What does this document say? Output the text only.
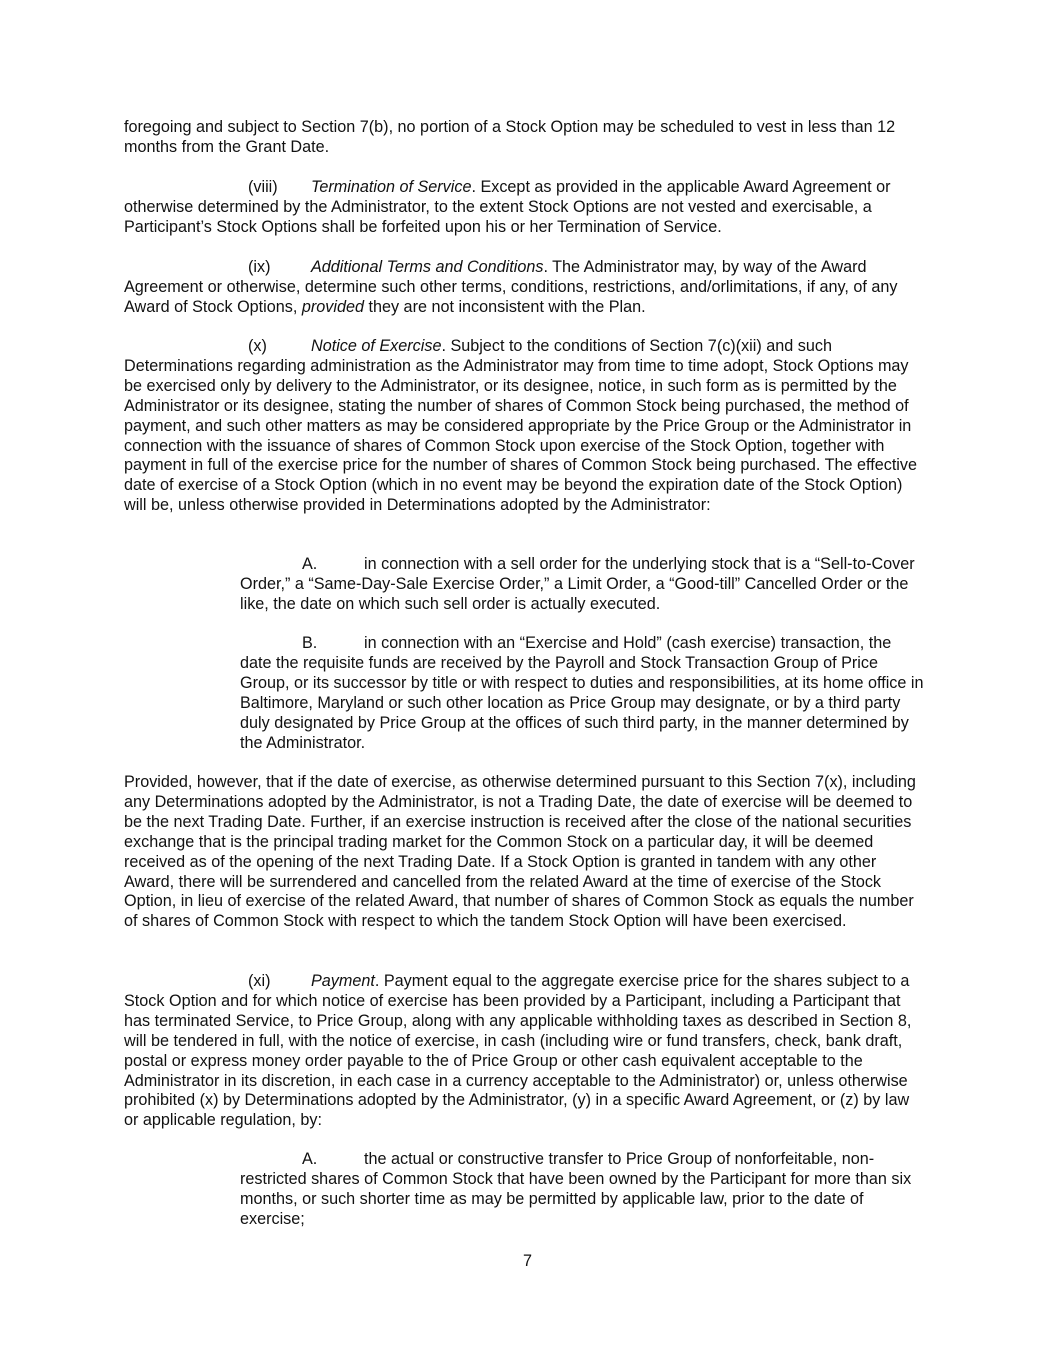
foregoing and subject to Section 7(b), no portion of a Stock Option may be scheduled to vest in less than 12 months from the Grant Date.

(viii) Termination of Service. Except as provided in the applicable Award Agreement or otherwise determined by the Administrator, to the extent Stock Options are not vested and exercisable, a Participant’s Stock Options shall be forfeited upon his or her Termination of Service.

(ix)	Additional Terms and Conditions. The Administrator may, by way of the Award Agreement or otherwise, determine such other terms, conditions, restrictions, and/orlimitations, if any, of any Award of Stock Options, provided they are not inconsistent with the Plan.

(x)	Notice of Exercise. Subject to the conditions of Section 7(c)(xii) and such Determinations regarding administration as the Administrator may from time to time adopt, Stock Options may be exercised only by delivery to the Administrator, or its designee, notice, in such form as is permitted by the Administrator or its designee, stating the number of shares of Common Stock being purchased, the method of payment, and such other matters as may be considered appropriate by the Price Group or the Administrator in connection with the issuance of shares of Common Stock upon exercise of the Stock Option, together with payment in full of the exercise price for the number of shares of Common Stock being purchased. The effective date of exercise of a Stock Option (which in no event may be beyond the expiration date of the Stock Option) will be, unless otherwise provided in Determinations adopted by the Administrator:

A.	in connection with a sell order for the underlying stock that is a “Sell-to-Cover Order,” a “Same-Day-Sale Exercise Order,” a Limit Order, a “Good-till” Cancelled Order or the like, the date on which such sell order is actually executed.

B.	in connection with an “Exercise and Hold” (cash exercise) transaction, the date the requisite funds are received by the Payroll and Stock Transaction Group of Price Group, or its successor by title or with respect to duties and responsibilities, at its home office in Baltimore, Maryland or such other location as Price Group may designate, or by a third party duly designated by Price Group at the offices of such third party, in the manner determined by the Administrator.

Provided, however, that if the date of exercise, as otherwise determined pursuant to this Section 7(x), including any Determinations adopted by the Administrator, is not a Trading Date, the date of exercise will be deemed to be the next Trading Date. Further, if an exercise instruction is received after the close of the national securities exchange that is the principal trading market for the Common Stock on a particular day, it will be deemed received as of the opening of the next Trading Date. If a Stock Option is granted in tandem with any other Award, there will be surrendered and cancelled from the related Award at the time of exercise of the Stock Option, in lieu of exercise of the related Award, that number of shares of Common Stock as equals the number of shares of Common Stock with respect to which the tandem Stock Option will have been exercised.

(xi)	Payment. Payment equal to the aggregate exercise price for the shares subject to a Stock Option and for which notice of exercise has been provided by a Participant, including a Participant that has terminated Service, to Price Group, along with any applicable withholding taxes as described in Section 8, will be tendered in full, with the notice of exercise, in cash (including wire or fund transfers, check, bank draft, postal or express money order payable to the of Price Group or other cash equivalent acceptable to the Administrator in its discretion, in each case in a currency acceptable to the Administrator) or, unless otherwise prohibited (x) by Determinations adopted by the Administrator, (y) in a specific Award Agreement, or (z) by law or applicable regulation, by:

A.	the actual or constructive transfer to Price Group of nonforfeitable, non-restricted shares of Common Stock that have been owned by the Participant for more than six months, or such shorter time as may be permitted by applicable law, prior to the date of exercise;

7
